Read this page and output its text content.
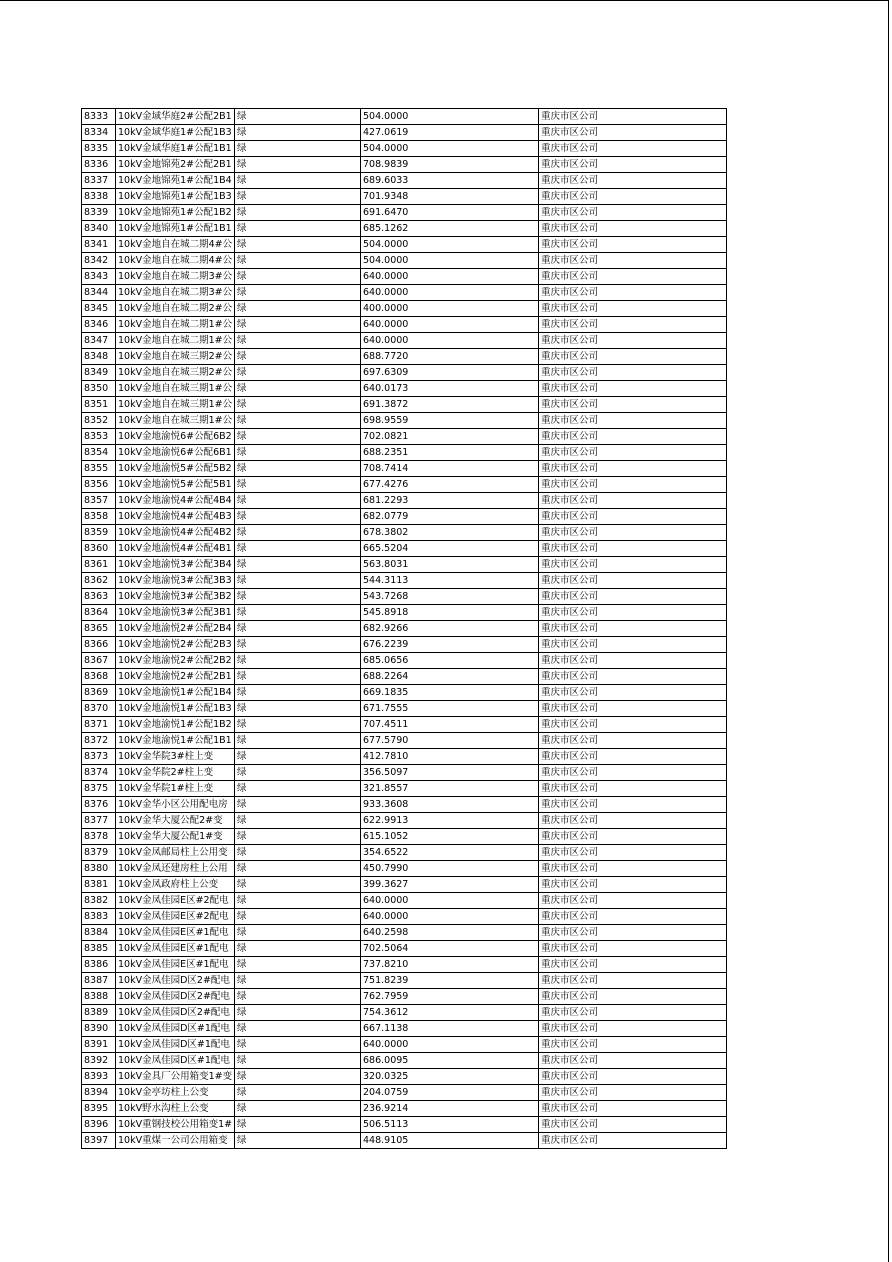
8333	10kV金域华庭2#公配2B1	绿	504.0000	重庆市区公司
8334	10kV金域华庭1#公配1B3	绿	427.0619	重庆市区公司
8335	10kV金域华庭1#公配1B1	绿	504.0000	重庆市区公司
8336	10kV金地锦苑2#公配2B1	绿	708.9839	重庆市区公司
8337	10kV金地锦苑1#公配1B4	绿	689.6033	重庆市区公司
8338	10kV金地锦苑1#公配1B3	绿	701.9348	重庆市区公司
8339	10kV金地锦苑1#公配1B2	绿	691.6470	重庆市区公司
8340	10kV金地锦苑1#公配1B1	绿	685.1262	重庆市区公司
8341	10kV金地自在城二期4#公	绿	504.0000	重庆市区公司
8342	10kV金地自在城二期4#公	绿	504.0000	重庆市区公司
8343	10kV金地自在城二期3#公	绿	640.0000	重庆市区公司
8344	10kV金地自在城二期3#公	绿	640.0000	重庆市区公司
8345	10kV金地自在城二期2#公	绿	400.0000	重庆市区公司
8346	10kV金地自在城二期1#公	绿	640.0000	重庆市区公司
8347	10kV金地自在城二期1#公	绿	640.0000	重庆市区公司
8348	10kV金地自在城三期2#公	绿	688.7720	重庆市区公司
8349	10kV金地自在城三期2#公	绿	697.6309	重庆市区公司
8350	10kV金地自在城三期1#公	绿	640.0173	重庆市区公司
8351	10kV金地自在城三期1#公	绿	691.3872	重庆市区公司
8352	10kV金地自在城三期1#公	绿	698.9559	重庆市区公司
8353	10kV金地渝悦6#公配6B2	绿	702.0821	重庆市区公司
8354	10kV金地渝悦6#公配6B1	绿	688.2351	重庆市区公司
8355	10kV金地渝悦5#公配5B2	绿	708.7414	重庆市区公司
8356	10kV金地渝悦5#公配5B1	绿	677.4276	重庆市区公司
8357	10kV金地渝悦4#公配4B4	绿	681.2293	重庆市区公司
8358	10kV金地渝悦4#公配4B3	绿	682.0779	重庆市区公司
8359	10kV金地渝悦4#公配4B2	绿	678.3802	重庆市区公司
8360	10kV金地渝悦4#公配4B1	绿	665.5204	重庆市区公司
8361	10kV金地渝悦3#公配3B4	绿	563.8031	重庆市区公司
8362	10kV金地渝悦3#公配3B3	绿	544.3113	重庆市区公司
8363	10kV金地渝悦3#公配3B2	绿	543.7268	重庆市区公司
8364	10kV金地渝悦3#公配3B1	绿	545.8918	重庆市区公司
8365	10kV金地渝悦2#公配2B4	绿	682.9266	重庆市区公司
8366	10kV金地渝悦2#公配2B3	绿	676.2239	重庆市区公司
8367	10kV金地渝悦2#公配2B2	绿	685.0656	重庆市区公司
8368	10kV金地渝悦2#公配2B1	绿	688.2264	重庆市区公司
8369	10kV金地渝悦1#公配1B4	绿	669.1835	重庆市区公司
8370	10kV金地渝悦1#公配1B3	绿	671.7555	重庆市区公司
8371	10kV金地渝悦1#公配1B2	绿	707.4511	重庆市区公司
8372	10kV金地渝悦1#公配1B1	绿	677.5790	重庆市区公司
8373	10kV金华院3#柱上变	绿	412.7810	重庆市区公司
8374	10kV金华院2#柱上变	绿	356.5097	重庆市区公司
8375	10kV金华院1#柱上变	绿	321.8557	重庆市区公司
8376	10kV金华小区公用配电房	绿	933.3608	重庆市区公司
8377	10kV金华大厦公配2#变	绿	622.9913	重庆市区公司
8378	10kV金华大厦公配1#变	绿	615.1052	重庆市区公司
8379	10kV金凤邮局柱上公用变	绿	354.6522	重庆市区公司
8380	10kV金凤还建房柱上公用	绿	450.7990	重庆市区公司
8381	10kV金凤政府柱上公变	绿	399.3627	重庆市区公司
8382	10kV金凤佳园E区#2配电	绿	640.0000	重庆市区公司
8383	10kV金凤佳园E区#2配电	绿	640.0000	重庆市区公司
8384	10kV金凤佳园E区#1配电	绿	640.2598	重庆市区公司
8385	10kV金凤佳园E区#1配电	绿	702.5064	重庆市区公司
8386	10kV金凤佳园E区#1配电	绿	737.8210	重庆市区公司
8387	10kV金凤佳园D区2#配电	绿	751.8239	重庆市区公司
8388	10kV金凤佳园D区2#配电	绿	762.7959	重庆市区公司
8389	10kV金凤佳园D区2#配电	绿	754.3612	重庆市区公司
8390	10kV金凤佳园D区#1配电	绿	667.1138	重庆市区公司
8391	10kV金凤佳园D区#1配电	绿	640.0000	重庆市区公司
8392	10kV金凤佳园D区#1配电	绿	686.0095	重庆市区公司
8393	10kV金具厂公用箱变1#变	绿	320.0325	重庆市区公司
8394	10kV金亭坊柱上公变	绿	204.0759	重庆市区公司
8395	10kV野水沟柱上公变	绿	236.9214	重庆市区公司
8396	10kV重钢技校公用箱变1#	绿	506.5113	重庆市区公司
8397	10kV重煤一公司公用箱变	绿	448.9105	重庆市区公司
